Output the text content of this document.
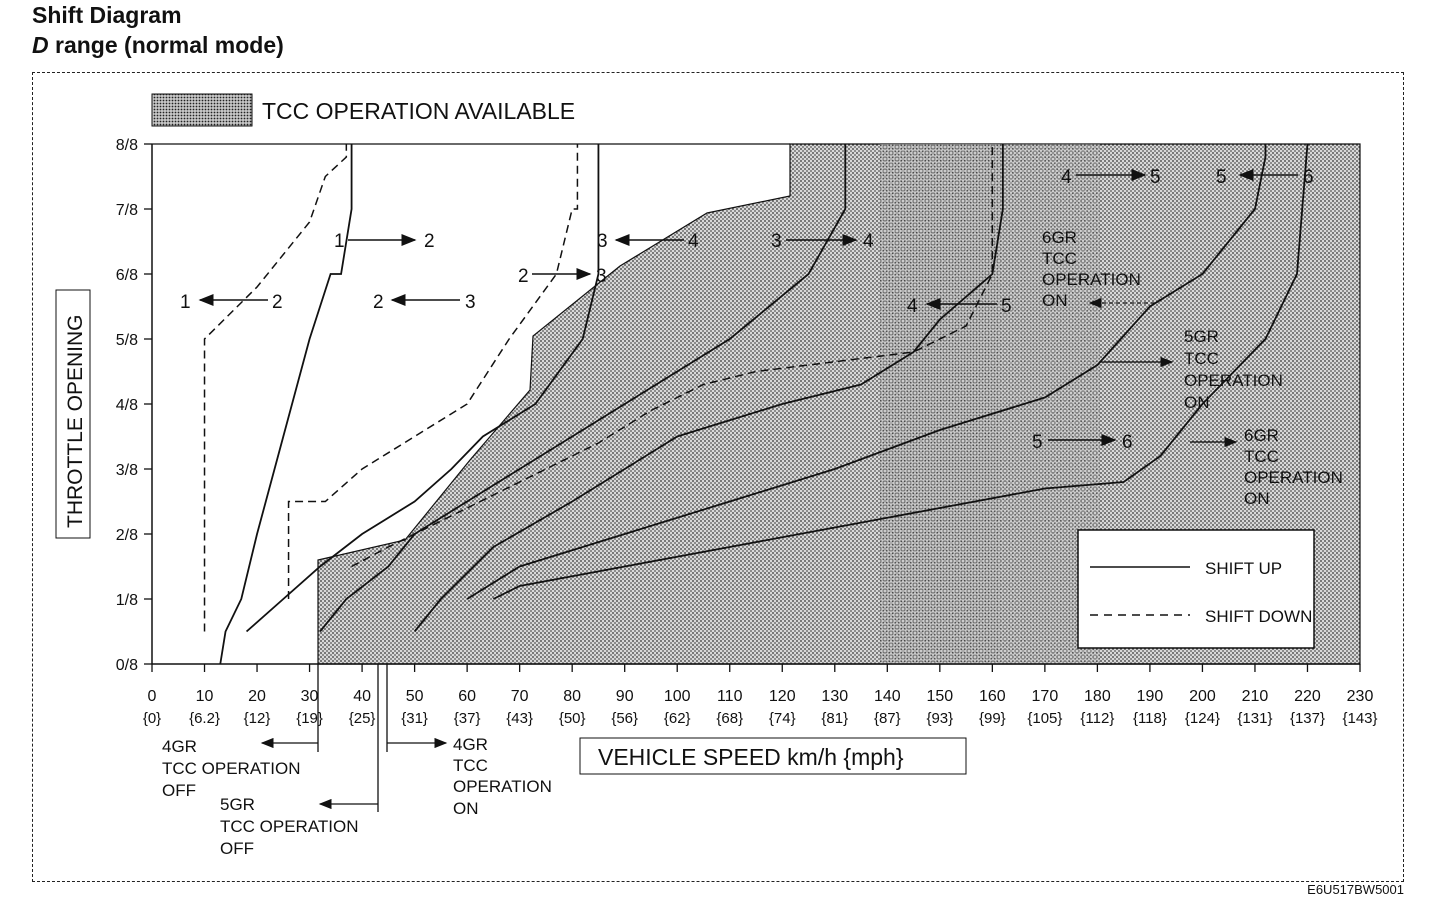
Shift Diagram
D range (normal mode)
E6U517BW5001
TCC OPERATION AVAILABLE
0/8
1/8
2/8
3/8
4/8
5/8
6/8
7/8
8/8
0
{0}
10
{6.2}
20
{12}
30
{19}
40
{25}
50
{31}
60
{37}
70
{43}
80
{50}
90
{56}
100
{62}
110
{68}
120
{74}
130
{81}
140
{87}
150
{93}
160
{99}
170
{105}
180
{112}
190
{118}
200
{124}
210
{131}
220
{137}
230
{143}
THROTTLE OPENING
VEHICLE SPEED km/h {mph}
SHIFT UP
SHIFT DOWN
1	2
2
1
2	3
3
2
3	4
4
3
4	5
5
4
5	6
6
5
6GR
TCC
OPERATION
ON
5GR
TCC
OPERATION
ON
6GR
TCC
OPERATION
ON
4GR
TCC OPERATION
OFF
5GR
TCC OPERATION
OFF
4GR
TCC
OPERATION
ON
